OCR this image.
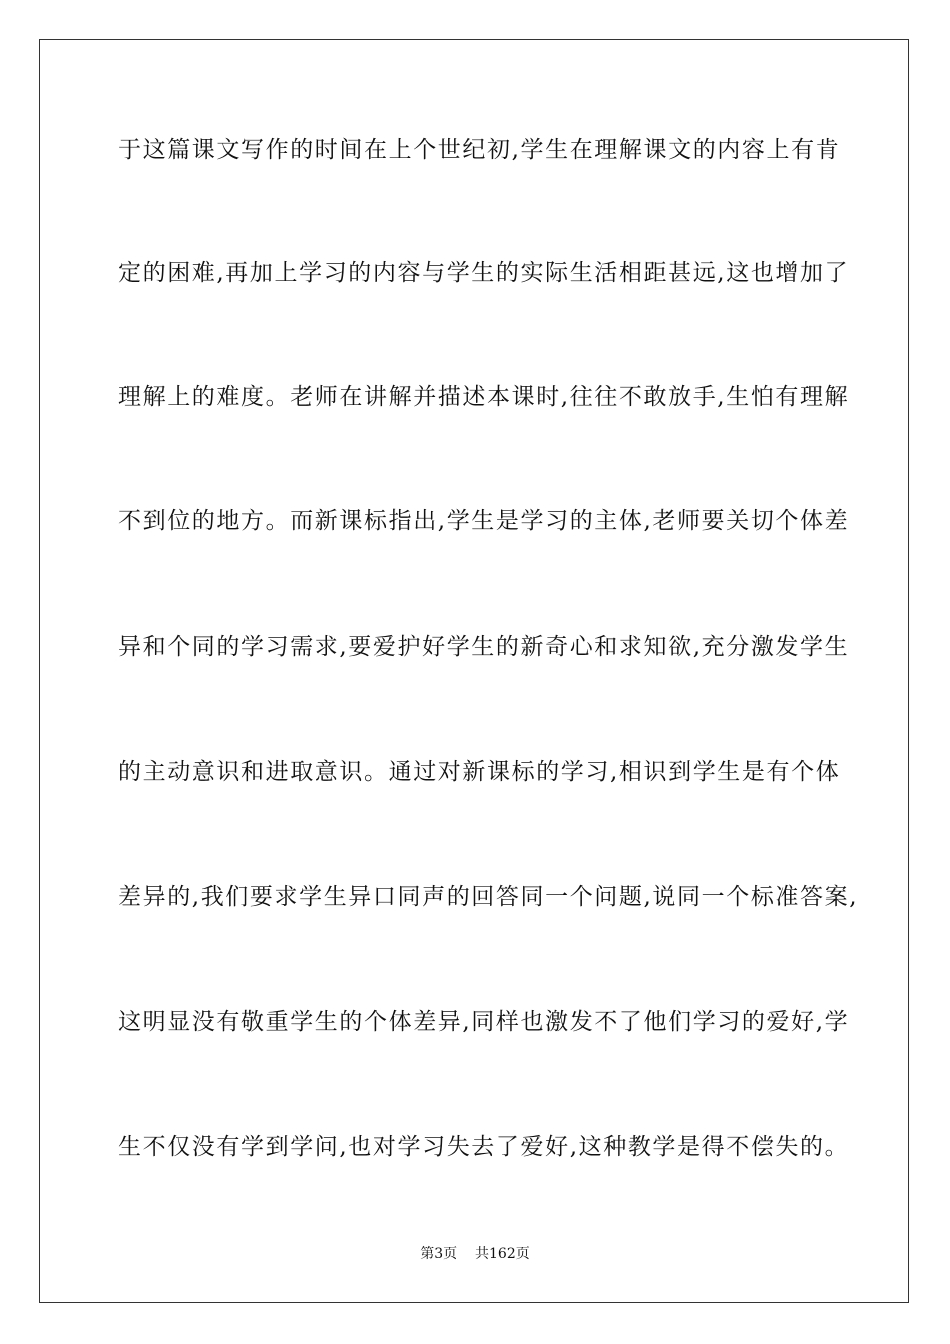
于这篇课文写作的时间在上个世纪初,学生在理解课文的内容上有肯
定的困难,再加上学习的内容与学生的实际生活相距甚远,这也增加了
理解上的难度。老师在讲解并描述本课时,往往不敢放手,生怕有理解
不到位的地方。而新课标指出,学生是学习的主体,老师要关切个体差
异和个同的学习需求,要爱护好学生的新奇心和求知欲,充分激发学生
的主动意识和进取意识。通过对新课标的学习,相识到学生是有个体
差异的,我们要求学生异口同声的回答同一个问题,说同一个标准答案,
这明显没有敬重学生的个体差异,同样也激发不了他们学习的爱好,学
生不仅没有学到学问,也对学习失去了爱好,这种教学是得不偿失的。
第3页 共162页
